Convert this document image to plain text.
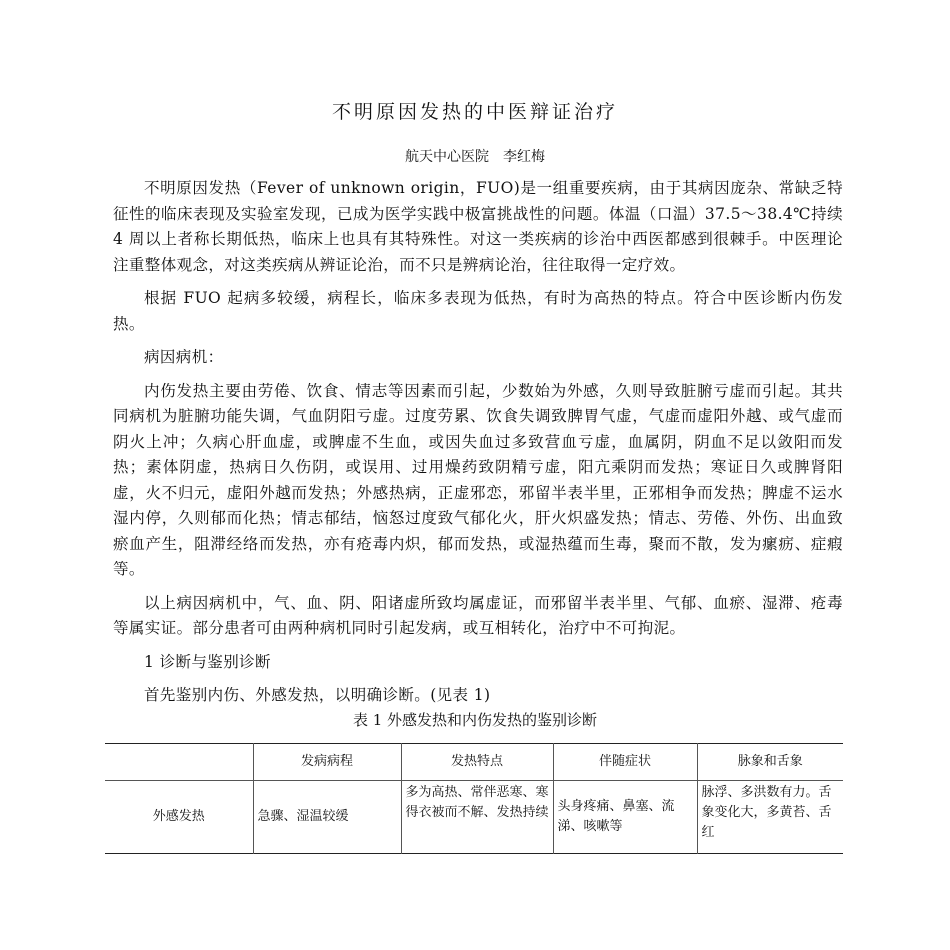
不明原因发热的中医辩证治疗
航天中心医院　李红梅

不明原因发热（Fever of unknown origin，FUO)是一组重要疾病，由于其病因庞杂、常缺乏特征性的临床表现及实验室发现，已成为医学实践中极富挑战性的问题。体温（口温）37.5～38.4℃持续 4 周以上者称长期低热，临床上也具有其特殊性。对这一类疾病的诊治中西医都感到很棘手。中医理论注重整体观念，对这类疾病从辨证论治，而不只是辨病论治，往往取得一定疗效。

根据 FUO 起病多较缓，病程长，临床多表现为低热，有时为高热的特点。符合中医诊断内伤发热。

病因病机：

内伤发热主要由劳倦、饮食、情志等因素而引起，少数始为外感，久则导致脏腑亏虚而引起。其共同病机为脏腑功能失调，气血阴阳亏虚。过度劳累、饮食失调致脾胃气虚，气虚而虚阳外越、或气虚而阴火上冲；久病心肝血虚，或脾虚不生血，或因失血过多致营血亏虚，血属阴，阴血不足以敛阳而发热；素体阴虚，热病日久伤阴，或误用、过用燥药致阴精亏虚，阳亢乘阴而发热；寒证日久或脾肾阳虚，火不归元，虚阳外越而发热；外感热病，正虚邪恋，邪留半表半里，正邪相争而发热；脾虚不运水湿内停，久则郁而化热；情志郁结，恼怒过度致气郁化火，肝火炽盛发热；情志、劳倦、外伤、出血致瘀血产生，阻滞经络而发热，亦有疮毒内炽，郁而发热，或湿热蕴而生毒，聚而不散，发为瘰疬、症瘕等。

以上病因病机中，气、血、阴、阳诸虚所致均属虚证，而邪留半表半里、气郁、血瘀、湿滞、疮毒等属实证。部分患者可由两种病机同时引起发病，或互相转化，治疗中不可拘泥。

1 诊断与鉴别诊断

首先鉴别内伤、外感发热，以明确诊断。(见表 1)

表 1 外感发热和内伤发热的鉴别诊断
	发病病程	发热特点	伴随症状	脉象和舌象
外感发热	急骤、湿温较缓	多为高热、常伴恶寒、寒得衣被而不解、发热持续	头身疼痛、鼻塞、流涕、咳嗽等	脉浮、多洪数有力。舌象变化大，多黄苔、舌红
